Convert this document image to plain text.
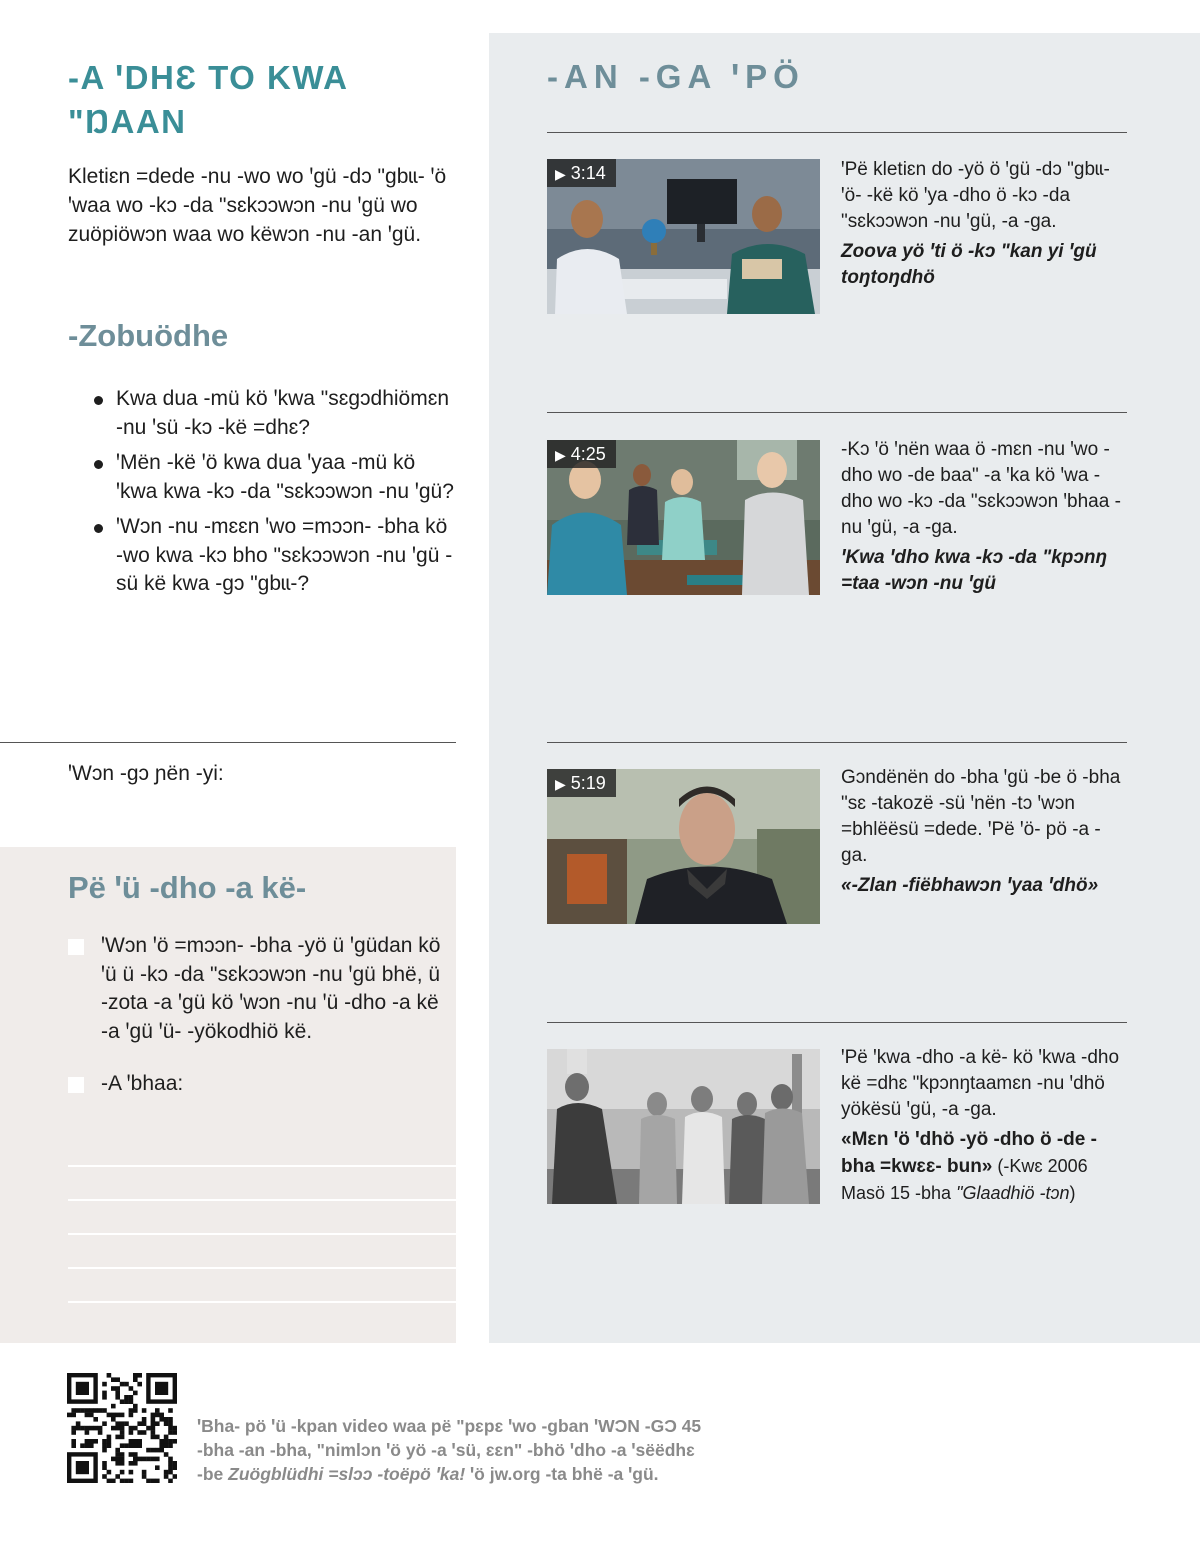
-A ꞌDHƐ TO KWA "ŊAAN

Kletiɛn =dede -nu -wo wo ꞌgü -dɔ "gbɩɩ- ꞌö ꞌwaa wo -kɔ -da "sɛkɔɔwɔn -nu ꞌgü wo zuöpiöwɔn waa wo këwɔn -nu -an ꞌgü.

-Zobuödhe
Kwa dua -mü kö ꞌkwa "sɛgɔdhiömɛn -nu ꞌsü -kɔ -kë =dhɛ?
ꞌMën -kë ꞌö kwa dua ꞌyaa -mü kö ꞌkwa kwa -kɔ -da "sɛkɔɔwɔn -nu ꞌgü?
ꞌWɔn -nu -mɛɛn ꞌwo =mɔɔn- -bha kö -wo kwa -kɔ bho "sɛkɔɔwɔn -nu ꞌgü -sü kë kwa -gɔ "gbɩɩ-?
ꞌWɔn -gɔ ɲën -yi:
Pë ꞌü -dho -a kë-
ꞌWɔn ꞌö =mɔɔn- -bha -yö ü ꞌgüdan kö ꞌü ü -kɔ -da "sɛkɔɔwɔn -nu ꞌgü bhë, ü -zota -a ꞌgü kö ꞌwɔn -nu ꞌü -dho -a kë -a ꞌgü ꞌü- -yökodhiö kë.
-A ꞌbhaa:
-AN -GA ꞌPÖ
▶ 3:14	ꞌPë kletiɛn do -yö ö ꞌgü -dɔ "gbɩɩ- ꞌö- -kë kö ꞌya -dho ö -kɔ -da "sɛkɔɔwɔn -nu ꞌgü, -a -ga.
Zoova yö ꞌti ö -kɔ "kan yi ꞌgü toŋtoŋdhö
▶ 4:25	-Kɔ ꞌö ꞌnën waa ö -mɛn -nu ꞌwo -dho wo -de baa" -a ꞌka kö ꞌwa -dho wo -kɔ -da "sɛkɔɔwɔn ꞌbhaa -nu ꞌgü, -a -ga.
ꞌKwa ꞌdho kwa -kɔ -da "kpɔnŋ =taa -wɔn -nu ꞌgü
▶ 5:19	Gɔndënën do -bha ꞌgü -be ö -bha "sɛ -takozë -sü ꞌnën -tɔ ꞌwɔn =bhlëësü =dede. ꞌPë ꞌö- pö -a -ga.
«-Zlan -fiëbhawɔn ꞌyaa ꞌdhö»
ꞌPë ꞌkwa -dho -a kë- kö ꞌkwa -dho kë =dhɛ "kpɔnŋtaamɛn -nu ꞌdhö yökësü ꞌgü, -a -ga.
«Mɛn ꞌö ꞌdhö -yö -dho ö -de -bha =kwɛɛ- bun» (-Kwɛ 2006 Masö 15 -bha "Glaadhiö -tɔn)
ꞌBha- pö ꞌü -kpan video waa pë "pɛpɛ ꞌwo -gban ꞌWƆN -GƆ 45
-bha -an -bha, "nimlɔn ꞌö yö -a ꞌsü, ɛɛn" -bhö ꞌdho -a ꞌsëëdhɛ
-be Zuögblüdhi =slɔɔ -toëpö ꞌka! ꞌö jw.org -ta bhë -a ꞌgü.
